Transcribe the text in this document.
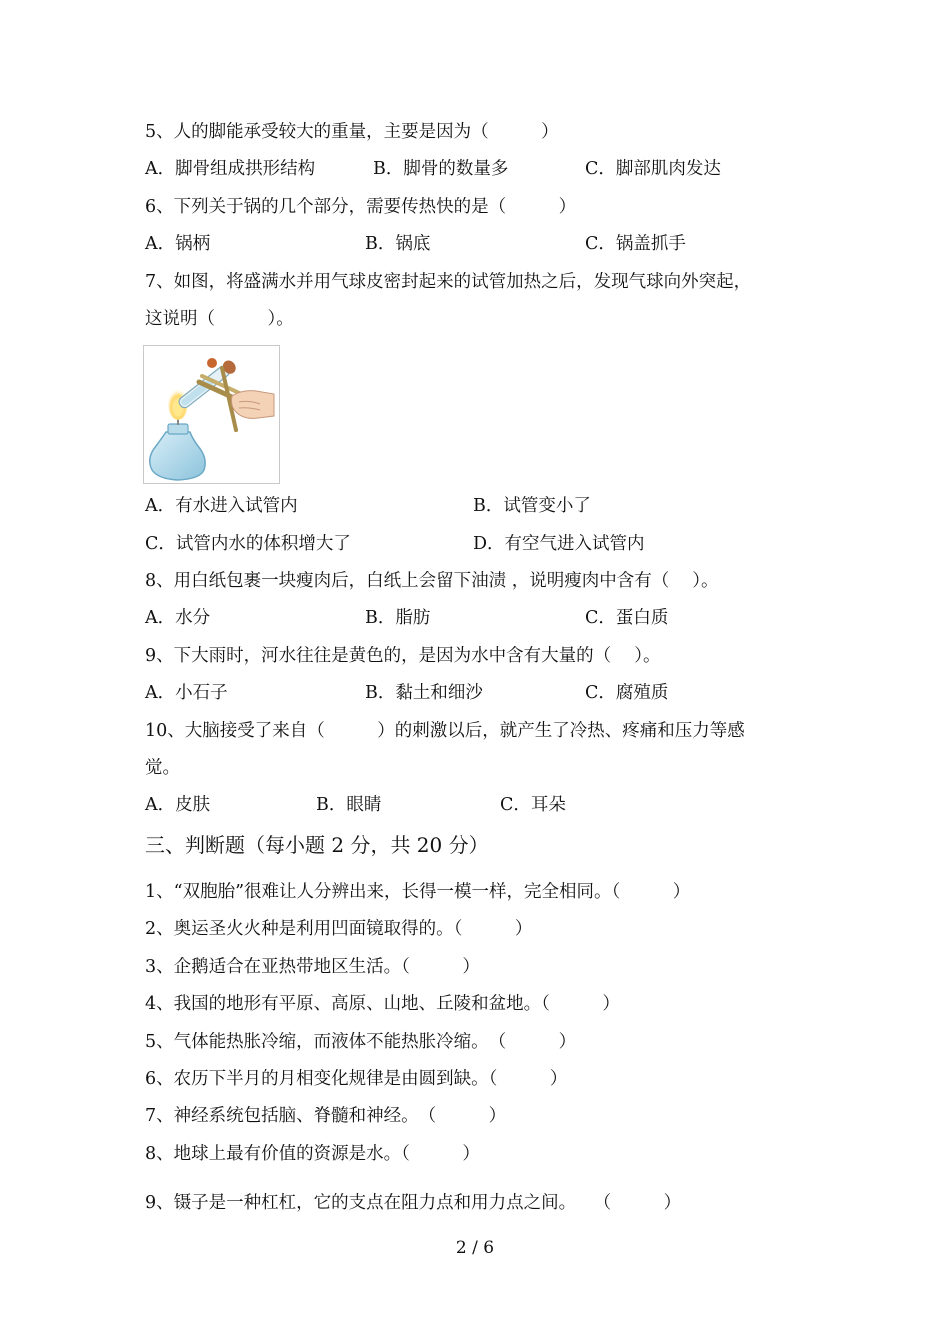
5、人的脚能承受较大的重量，主要是因为（　　　）
A．脚骨组成拱形结构	B．脚骨的数量多	C．脚部肌肉发达
6、下列关于锅的几个部分，需要传热快的是（　　　）
A．锅柄	B．锅底	C．锅盖抓手
7、如图，将盛满水并用气球皮密封起来的试管加热之后，发现气球向外突起，
这说明（　　　）。
A．有水进入试管内	B．试管变小了
C．试管内水的体积增大了	D．有空气进入试管内
8、用白纸包裹一块瘦肉后，白纸上会留下油渍 ，说明瘦肉中含有（　 ）。
A．水分	B．脂肪	C．蛋白质
9、下大雨时，河水往往是黄色的，是因为水中含有大量的（　 ）。
A．小石子	B．黏土和细沙	C．腐殖质
10、大脑接受了来自（　　　）的刺激以后，就产生了冷热、疼痛和压力等感
觉。
A．皮肤	B．眼睛	C．耳朵
三、判断题（每小题 2 分，共 20 分）
1、“双胞胎”很难让人分辨出来，长得一模一样，完全相同。（　　　）
2、奥运圣火火种是利用凹面镜取得的。（　　　）
3、企鹅适合在亚热带地区生活。（　　　）
4、我国的地形有平原、高原、山地、丘陵和盆地。（　　　）
5、气体能热胀冷缩，而液体不能热胀冷缩。　（　　　）
6、农历下半月的月相变化规律是由圆到缺。（　　　）
7、神经系统包括脑、脊髓和神经。　（　　　）
8、地球上最有价值的资源是水。（　　　）
9、镊子是一种杠杠，它的支点在阻力点和用力点之间。　　（　　　）
2 / 6
